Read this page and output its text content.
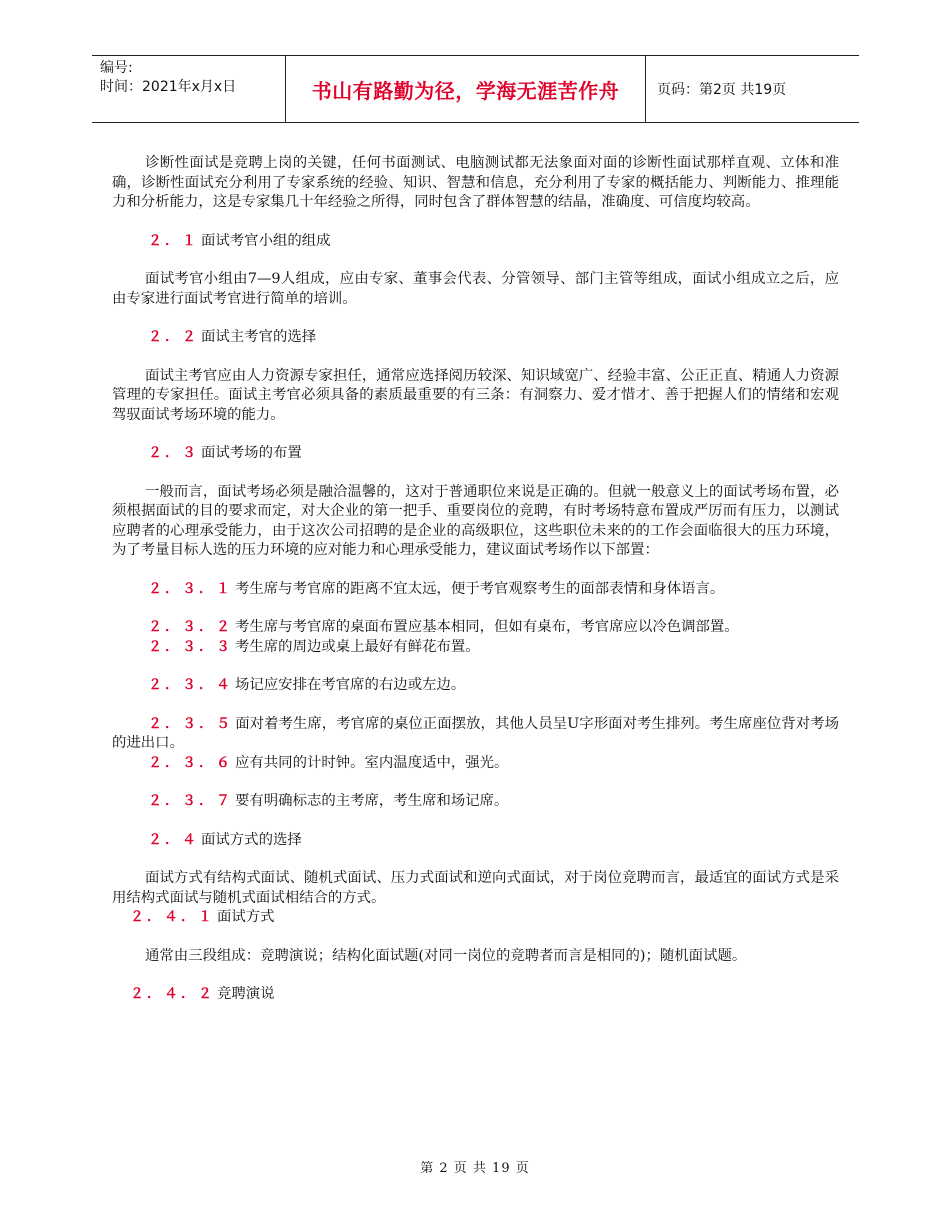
编号:
时间：2021年x月x日	书山有路勤为径，学海无涯苦作舟	页码：第2页 共19页

诊断性面试是竞聘上岗的关键，任何书面测试、电脑测试都无法象面对面的诊断性面试那样直观、立体和准确，诊断性面试充分利用了专家系统的经验、知识、智慧和信息，充分利用了专家的概括能力、判断能力、推理能力和分析能力，这是专家集几十年经验之所得，同时包含了群体智慧的结晶，准确度、可信度均较高。

２．１ 面试考官小组的组成

面试考官小组由7—9人组成，应由专家、董事会代表、分管领导、部门主管等组成，面试小组成立之后，应由专家进行面试考官进行简单的培训。

２．２ 面试主考官的选择

面试主考官应由人力资源专家担任，通常应选择阅历较深、知识域宽广、经验丰富、公正正直、精通人力资源管理的专家担任。面试主考官必须具备的素质最重要的有三条：有洞察力、爱才惜才、善于把握人们的情绪和宏观驾驭面试考场环境的能力。

２．３ 面试考场的布置

一般而言，面试考场必须是融洽温馨的，这对于普通职位来说是正确的。但就一般意义上的面试考场布置，必须根据面试的目的要求而定，对大企业的第一把手、重要岗位的竞聘，有时考场特意布置成严厉而有压力，以测试应聘者的心理承受能力，由于这次公司招聘的是企业的高级职位，这些职位未来的的工作会面临很大的压力环境，为了考量目标人选的压力环境的应对能力和心理承受能力，建议面试考场作以下部置：

２．３．１ 考生席与考官席的距离不宜太远，便于考官观察考生的面部表情和身体语言。

２．３．２ 考生席与考官席的桌面布置应基本相同，但如有桌布，考官席应以冷色调部置。

２．３．３ 考生席的周边或桌上最好有鲜花布置。

２．３．４ 场记应安排在考官席的右边或左边。

２．３．５ 面对着考生席，考官席的桌位正面摆放，其他人员呈U字形面对考生排列。考生席座位背对考场的进出口。

２．３．６ 应有共同的计时钟。室内温度适中，强光。

２．３．７ 要有明确标志的主考席，考生席和场记席。

２．４ 面试方式的选择

面试方式有结构式面试、随机式面试、压力式面试和逆向式面试，对于岗位竞聘而言，最适宜的面试方式是采用结构式面试与随机式面试相结合的方式。

２．４．１ 面试方式

通常由三段组成：竞聘演说；结构化面试题(对同一岗位的竞聘者而言是相同的)；随机面试题。

２．４．２ 竞聘演说

第 2 页 共 19 页
